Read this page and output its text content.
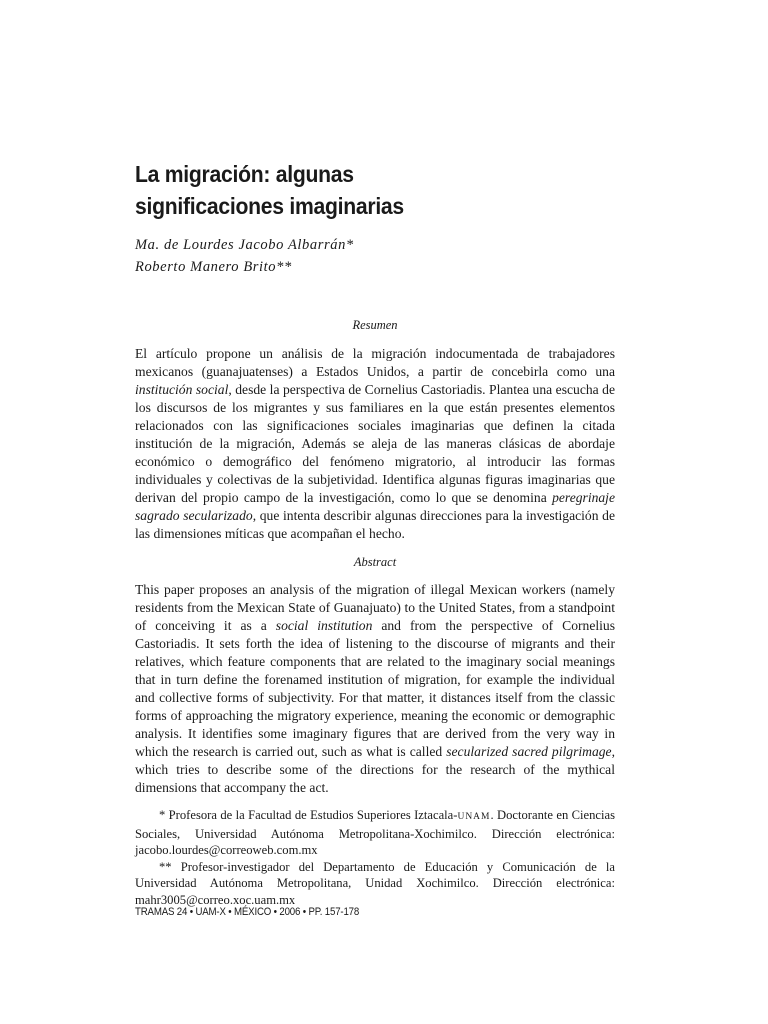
La migración: algunas
significaciones imaginarias
Ma. de Lourdes Jacobo Albarrán*
Roberto Manero Brito**
Resumen

El artículo propone un análisis de la migración indocumentada de trabajadores mexicanos (guanajuatenses) a Estados Unidos, a partir de concebirla como una institución social, desde la perspectiva de Cornelius Castoriadis. Plantea una escucha de los discursos de los migrantes y sus familiares en la que están presentes elementos relacionados con las significaciones sociales imaginarias que definen la citada institución de la migración, Además se aleja de las maneras clásicas de abordaje económico o demográfico del fenómeno migratorio, al introducir las formas individuales y colectivas de la subjetividad. Identifica algunas figuras imaginarias que derivan del propio campo de la investigación, como lo que se denomina peregrinaje sagrado secularizado, que intenta describir algunas direcciones para la investigación de las dimensiones míticas que acompañan el hecho.

Abstract

This paper proposes an analysis of the migration of illegal Mexican workers (namely residents from the Mexican State of Guanajuato) to the United States, from a standpoint of conceiving it as a social institution and from the perspective of Cornelius Castoriadis. It sets forth the idea of listening to the discourse of migrants and their relatives, which feature components that are related to the imaginary social meanings that in turn define the forenamed institution of migration, for example the individual and collective forms of subjectivity. For that matter, it distances itself from the classic forms of approaching the migratory experience, meaning the economic or demographic analysis. It identifies some imaginary figures that are derived from the very way in which the research is carried out, such as what is called secularized sacred pilgrimage, which tries to describe some of the directions for the research of the mythical dimensions that accompany the act.

* Profesora de la Facultad de Estudios Superiores Iztacala-UNAM. Doctorante en Ciencias Sociales, Universidad Autónoma Metropolitana-Xochimilco. Dirección electrónica: jacobo.lourdes@correoweb.com.mx

** Profesor-investigador del Departamento de Educación y Comunicación de la Universidad Autónoma Metropolitana, Unidad Xochimilco. Dirección electrónica: mahr3005@correo.xoc.uam.mx

TRAMAS 24 • UAM-X • MÉXICO • 2006 • PP. 157-178
